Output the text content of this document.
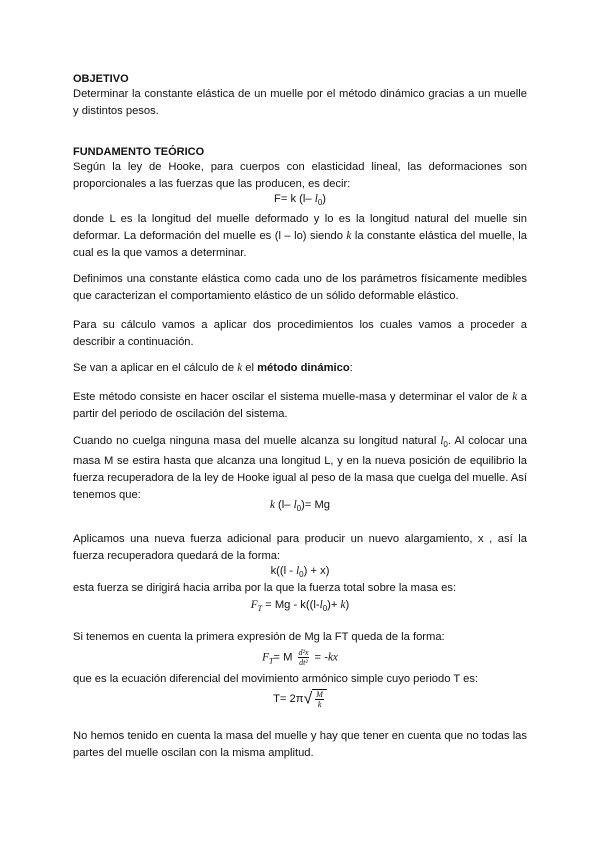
OBJETIVO

Determinar la constante elástica de un muelle por el método dinámico gracias a un muelle y distintos pesos.

FUNDAMENTO TEÓRICO

Según la ley de Hooke, para cuerpos con elasticidad lineal, las deformaciones son proporcionales a las fuerzas que las producen, es decir:

F= k (l– $l_0$)

donde L es la longitud del muelle deformado y lo es la longitud natural del muelle sin deformar. La deformación del muelle es (l – lo) siendo k la constante elástica del muelle, la cual es la que vamos a determinar.

Definimos una constante elástica como cada uno de los parámetros físicamente medibles que caracterizan el comportamiento elástico de un sólido deformable elástico.

Para su cálculo vamos a aplicar dos procedimientos los cuales vamos a proceder a describir a continuación.

Se van a aplicar en el cálculo de k el método dinámico:

Este método consiste en hacer oscilar el sistema muelle-masa y determinar el valor de k a partir del periodo de oscilación del sistema.

Cuando no cuelga ninguna masa del muelle alcanza su longitud natural $l_0$. Al colocar una masa M se estira hasta que alcanza una longitud L, y en la nueva posición de equilibrio la fuerza recuperadora de la ley de Hooke igual al peso de la masa que cuelga del muelle. Así tenemos que:

k (l– $l_0)= Mg$

Aplicamos una nueva fuerza adicional para producir un nuevo alargamiento, x , así la fuerza recuperadora quedará de la forma:

$k((l - l_0) + x)$

esta fuerza se dirigirá hacia arriba por la que la fuerza total sobre la masa es:

$F_T = Mg - k((l-l_0)+ k)$

Si tenemos en cuenta la primera expresión de Mg la FT queda de la forma:

$F_T= M \frac{\text{d²x}}{\text{dt²}} = -kx$

que es la ecuación diferencial del movimiento armónico simple cuyo periodo T es:

$T= 2\pi√ \frac{M}{k}$

No hemos tenido en cuenta la masa del muelle y hay que tener en cuenta que no todas las partes del muelle oscilan con la misma amplitud.
